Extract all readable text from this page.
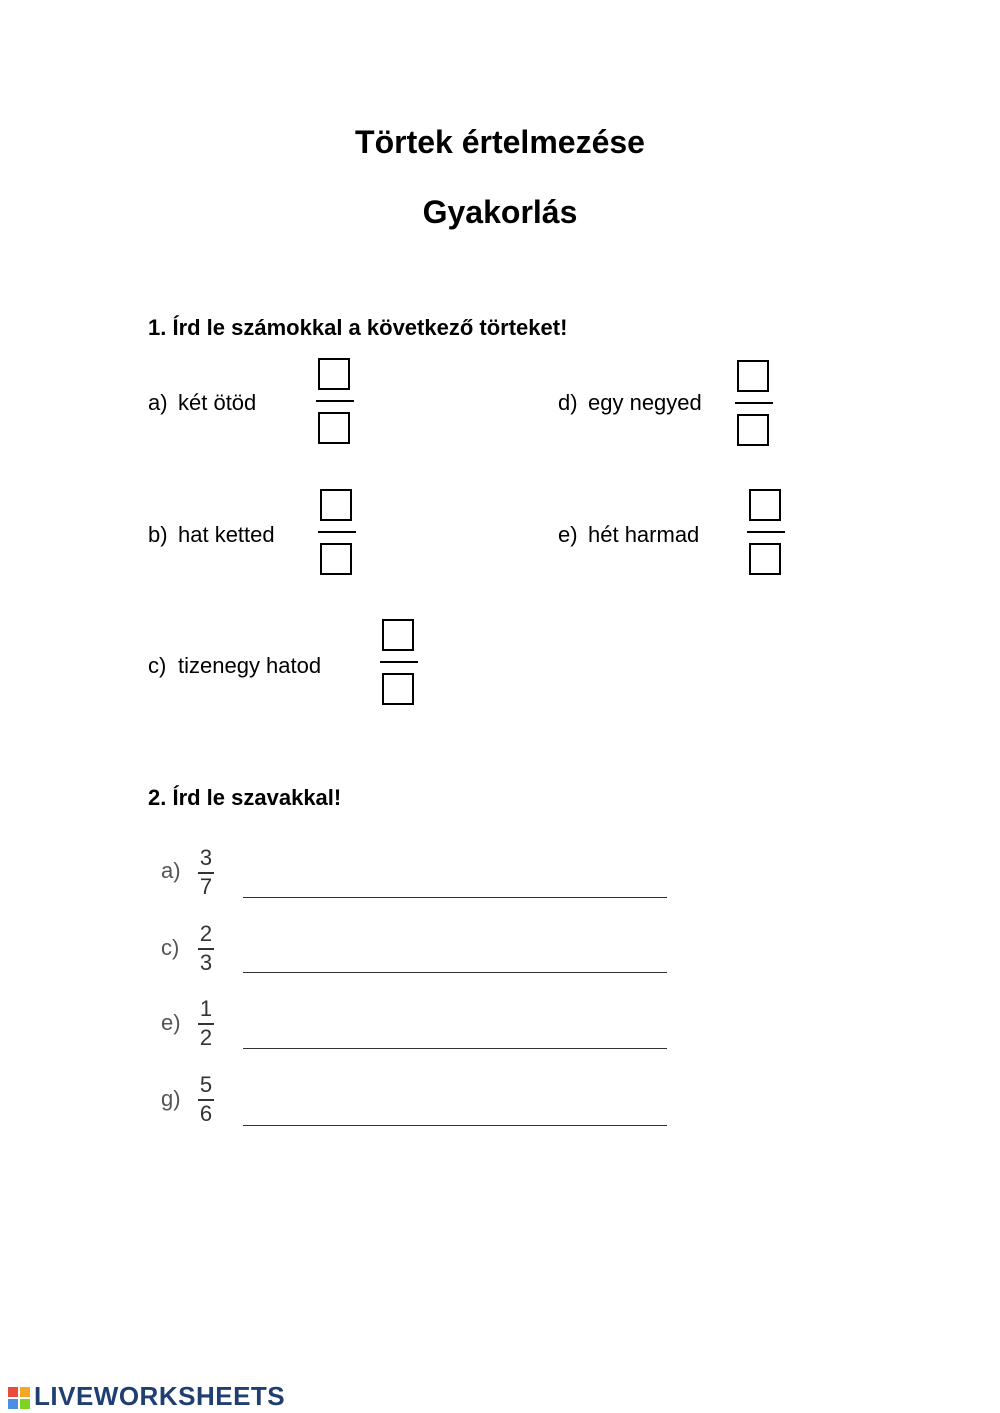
Törtek értelmezése
Gyakorlás
1. Írd le számokkal a következő törteket!
a) két ötöd
b) hat ketted
c) tizenegy hatod
d) egy negyed
e) hét harmad
2. Írd le szavakkal!
a)
3
7
c)
2
3
e)
1
2
g)
5
6
LIVEWORKSHEETS
